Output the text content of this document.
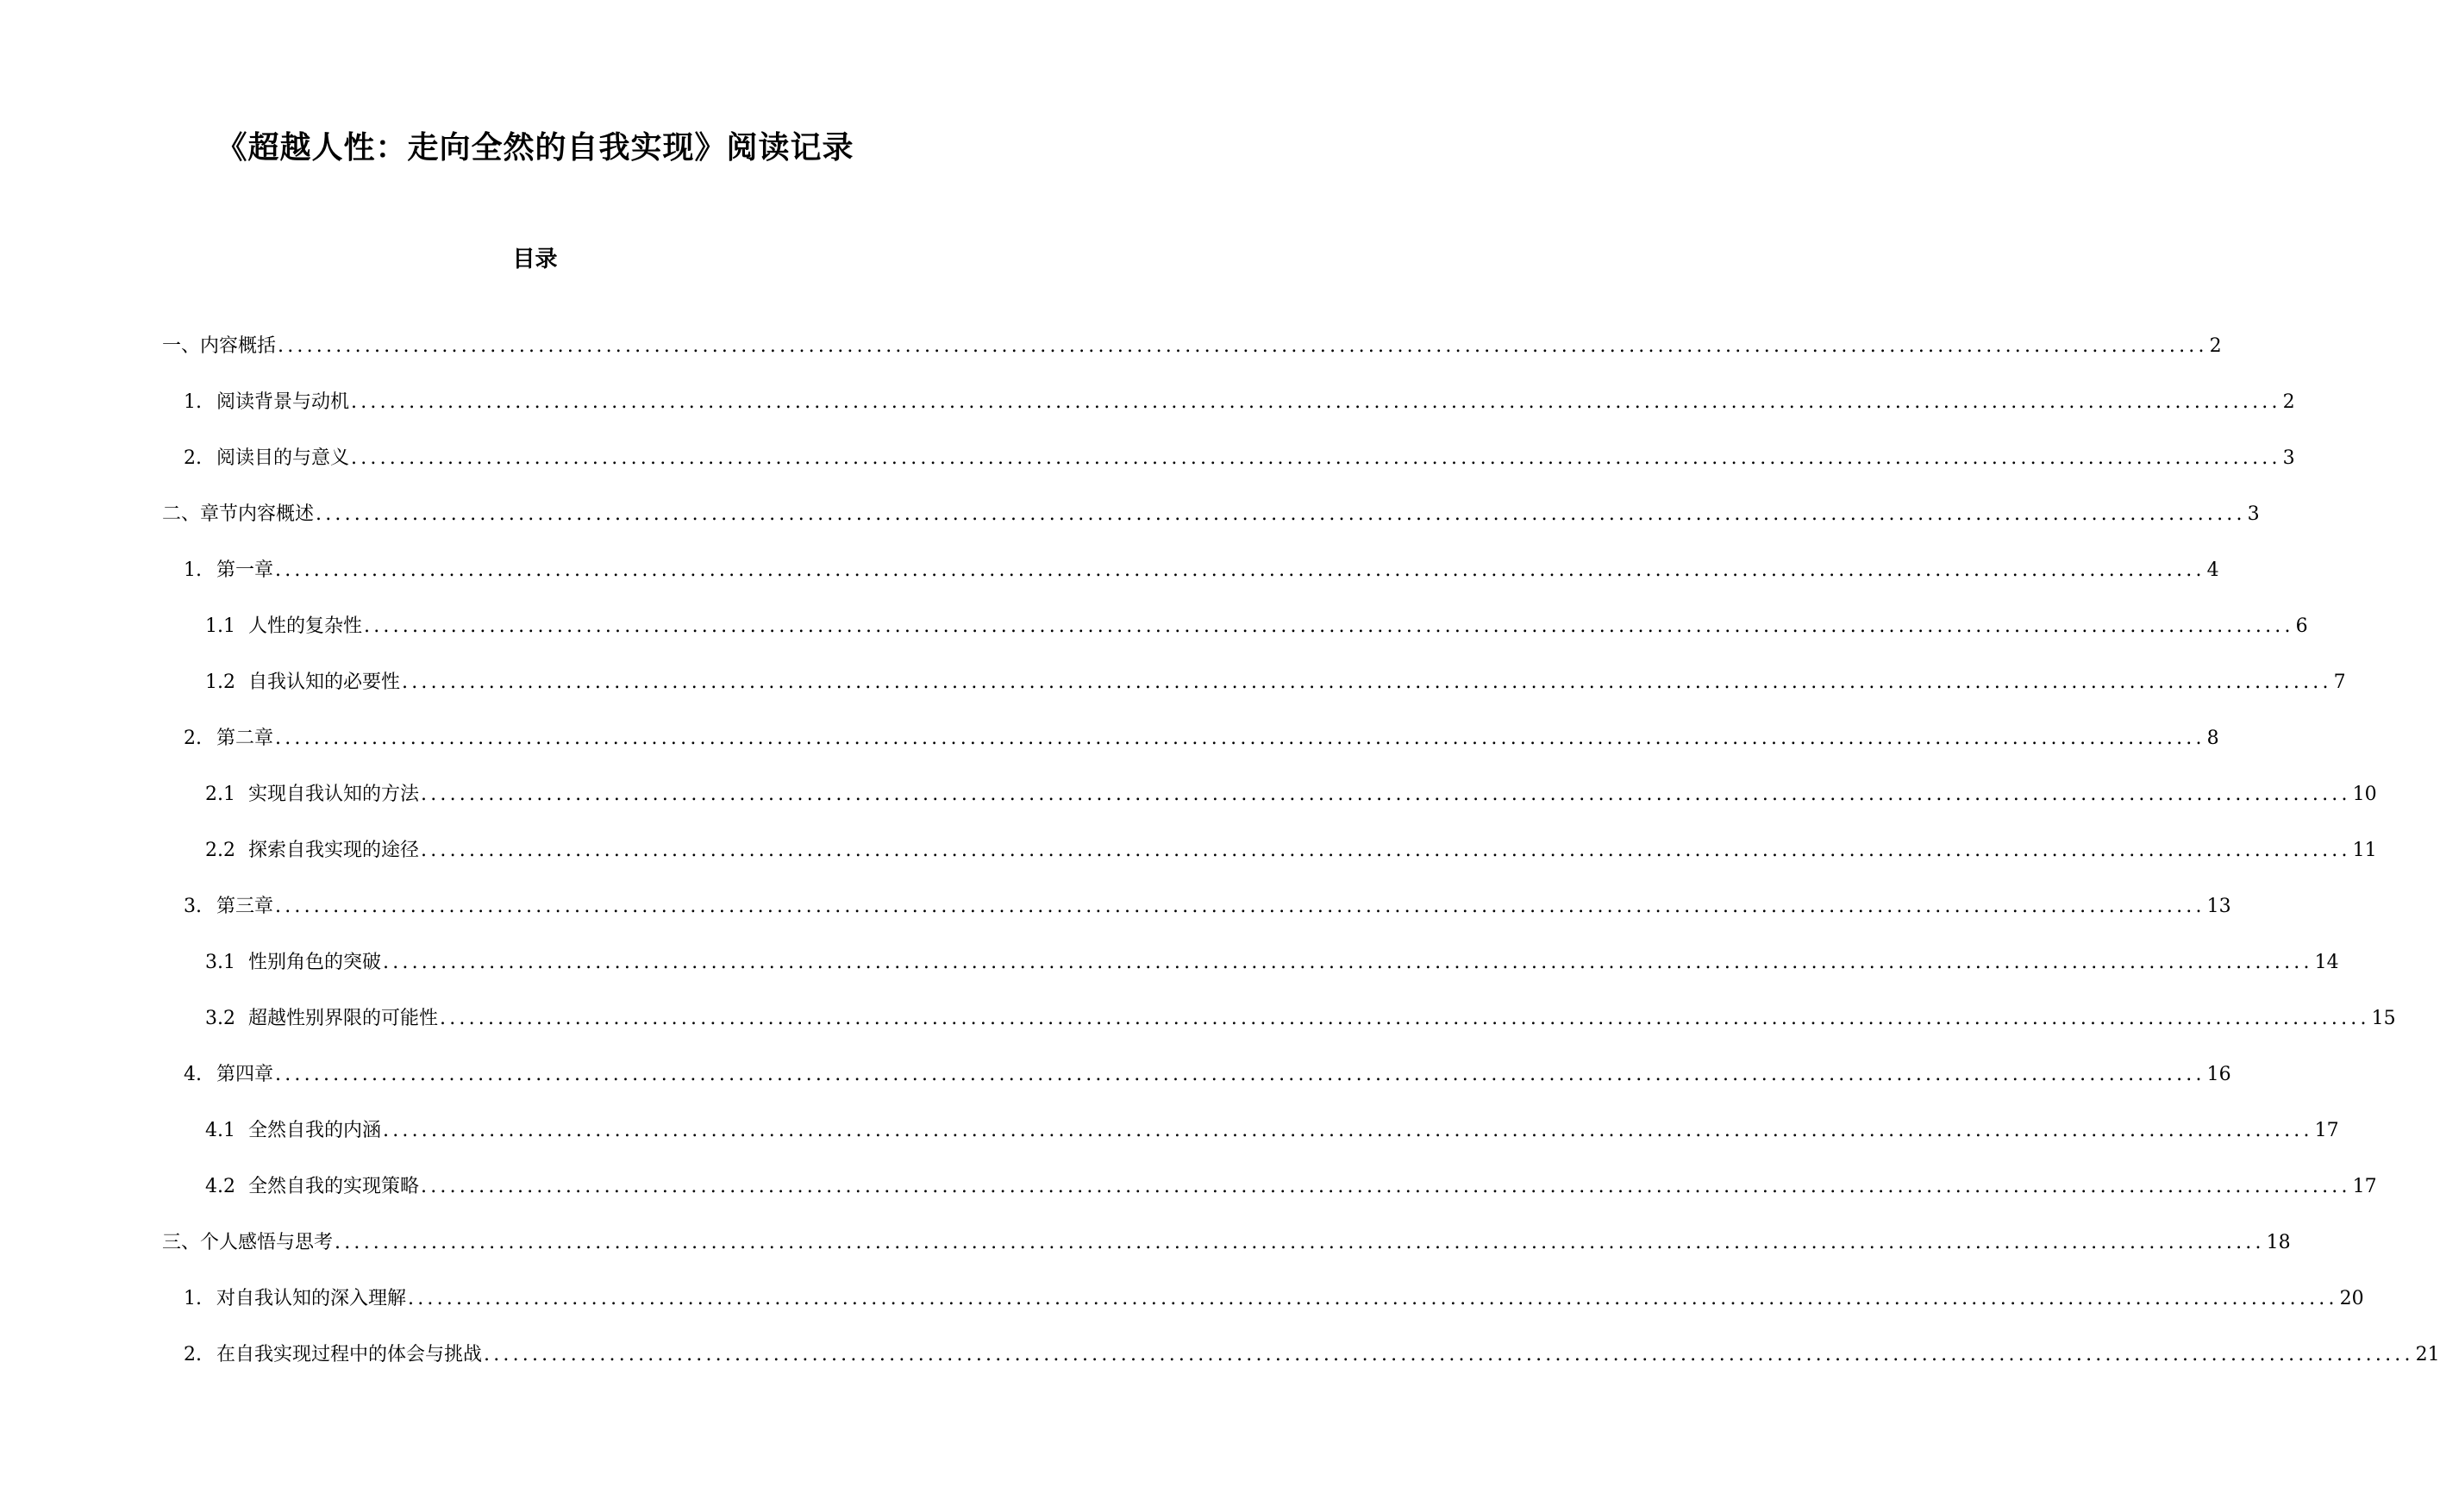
《超越人性：走向全然的自我实现》阅读记录
目录
一、 内容概括 ........................................................................................................................................................................................................ 2
1. 阅读背景与动机 ........................................................................................................................................................................................................ 2
2. 阅读目的与意义 ........................................................................................................................................................................................................ 3
二、 章节内容概述 ........................................................................................................................................................................................................ 3
1. 第一章 ........................................................................................................................................................................................................ 4
1.1 人性的复杂性 ........................................................................................................................................................................................................ 6
1.2 自我认知的必要性 ........................................................................................................................................................................................................ 7
2. 第二章 ........................................................................................................................................................................................................ 8
2.1 实现自我认知的方法 ........................................................................................................................................................................................................ 10
2.2 探索自我实现的途径 ........................................................................................................................................................................................................ 11
3. 第三章 ........................................................................................................................................................................................................ 13
3.1 性别角色的突破 ........................................................................................................................................................................................................ 14
3.2 超越性别界限的可能性 ........................................................................................................................................................................................................ 15
4. 第四章 ........................................................................................................................................................................................................ 16
4.1 全然自我的内涵 ........................................................................................................................................................................................................ 17
4.2 全然自我的实现策略 ........................................................................................................................................................................................................ 17
三、 个人感悟与思考 ........................................................................................................................................................................................................ 18
1. 对自我认知的深入理解 ........................................................................................................................................................................................................ 20
2. 在自我实现过程中的体会与挑战 ........................................................................................................................................................................................................ 21
